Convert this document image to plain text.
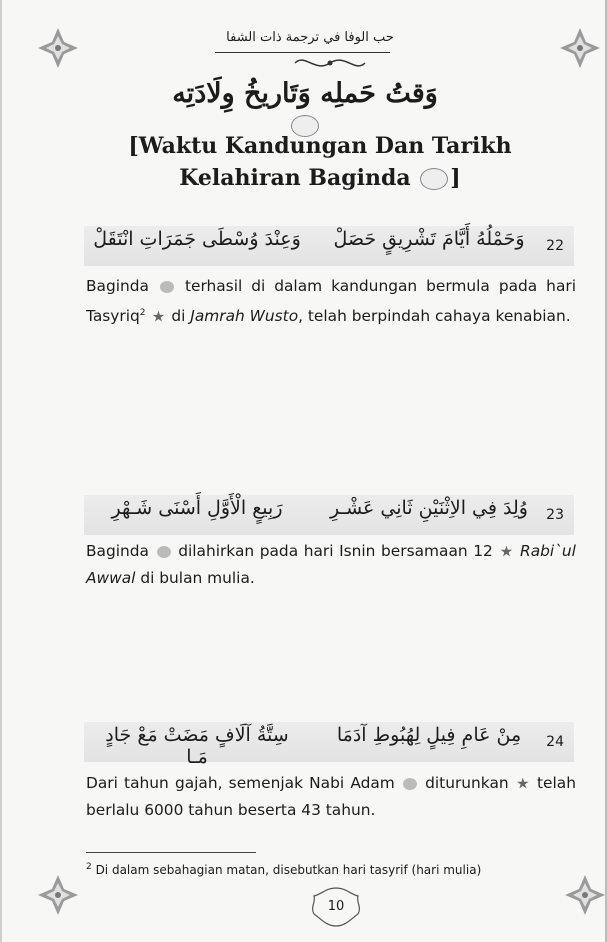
حب الوفا في ترجمة ذات الشفا
وَقتُ حَملِه وَتَاريخُ وِلَادَتِه
[Waktu Kandungan Dan Tarikh
Kelahiran Baginda ]
وَحَمْلُهُ أَيَّامَ تَشْرِيقٍ حَصَلْ
وَعِنْدَ وُسْطَى جَمَرَاتِ انْتَقَلْ	22
Baginda terhasil di dalam kandungan bermula pada hari Tasyriq$^2$ di Jamrah Wusto, telah berpindah cahaya kenabian.
وُلِدَ فِي الاِثْنَيْنِ ثَانِي عَشْـرِ
رَبِيعٍ الْأَوَّلِ أَسْنَى شَـهْرِ	23
Baginda dilahirkan pada hari Isnin bersamaan 12 Rabi`ul Awwal di bulan mulia.
مِنْ عَامِ فِيلٍ لِهُبُوطِ آدَمَا
سِتَّةُ آلَافٍ مَضَتْ مَعْ جَادٍ مَـا
24
Dari tahun gajah, semenjak Nabi Adam diturunkan telah berlalu 6000 tahun beserta 43 tahun.
$^2$ Di dalam sebahagian matan, disebutkan hari tasyrif (hari mulia)
10
